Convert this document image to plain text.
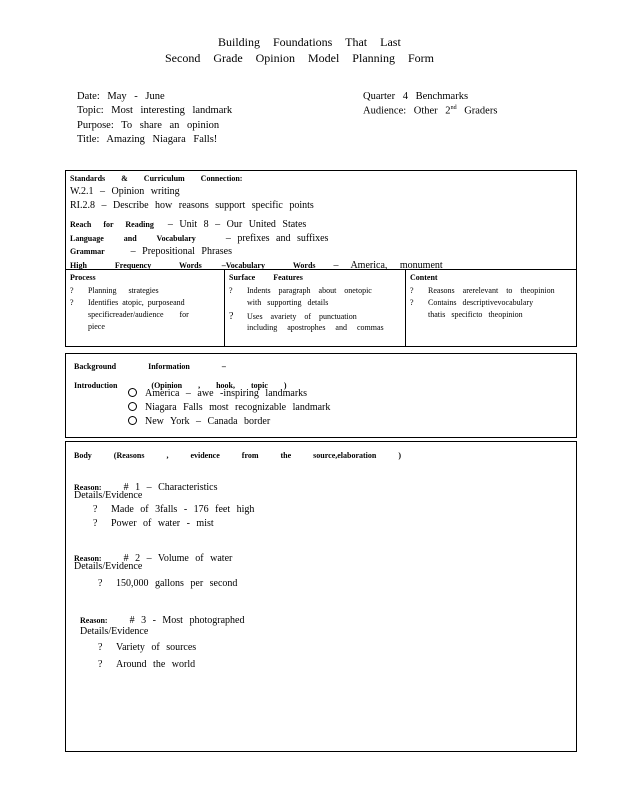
Building Foundations That Last
Second Grade Opinion Model Planning Form
Date: May - June
Topic: Most interesting landmark
Purpose: To share an opinion
Title: Amazing Niagara Falls!
Quarter 4 Benchmarks
Audience: Other 2nd Graders
Standards & Curriculum Connection:
W.2.1 – Opinion writing
RI.2.8 – Describe how reasons support specific points
Reach for Reading – Unit 8 – Our United States
Language and Vocabulary	– prefixes and suffixes
Grammar	– Prepositional Phrases
High Frequency Words	–Vocabulary Words – America, monument
Process
? Planning strategies
? Identifies atopic, purposeand
specificreader/audience for
piece
Surface Features
? Indents paragraph about onetopic
with supporting details
? Uses avariety of punctuation
including apostrophes and commas
Content
? Reasons arerelevant to theopinion
? Contains descriptivevocabulary
thatis specificto theopinion
Background Information –
Introduction	(Opinion , hook, topic )
America – awe -inspiring landmarks
Niagara Falls most recognizable landmark
New York – Canada border
Body (Reasons , evidence from the source,elaboration )
Reason: # 1 – Characteristics
Details/Evidence
? Made of 3falls - 176 feet high
? Power of water - mist
Reason: # 2 – Volume of water
Details/Evidence
? 150,000 gallons per second
Reason: # 3 - Most photographed
Details/Evidence
? Variety of sources
? Around the world
